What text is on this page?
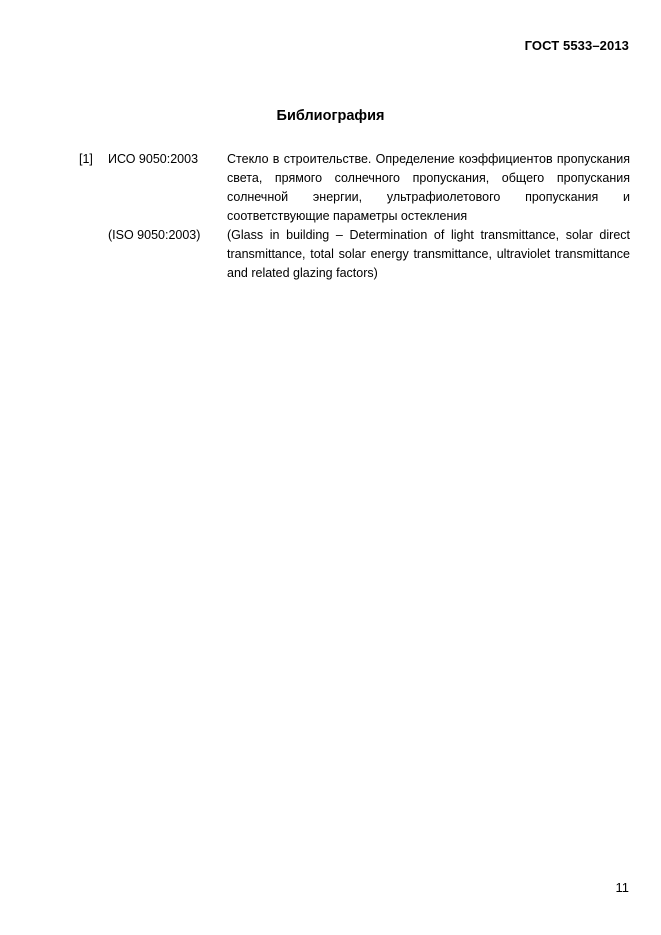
ГОСТ 5533–2013
Библиография
[1]	ИСО 9050:2003	Стекло в строительстве. Определение коэффициентов пропускания света, прямого солнечного пропускания, общего пропускания солнечной энергии, ультрафиолетового пропускания и соответствующие параметры остекления
(ISO 9050:2003)	(Glass in building – Determination of light transmittance, solar direct transmittance, total solar energy transmittance, ultraviolet transmittance and related glazing factors)
11
